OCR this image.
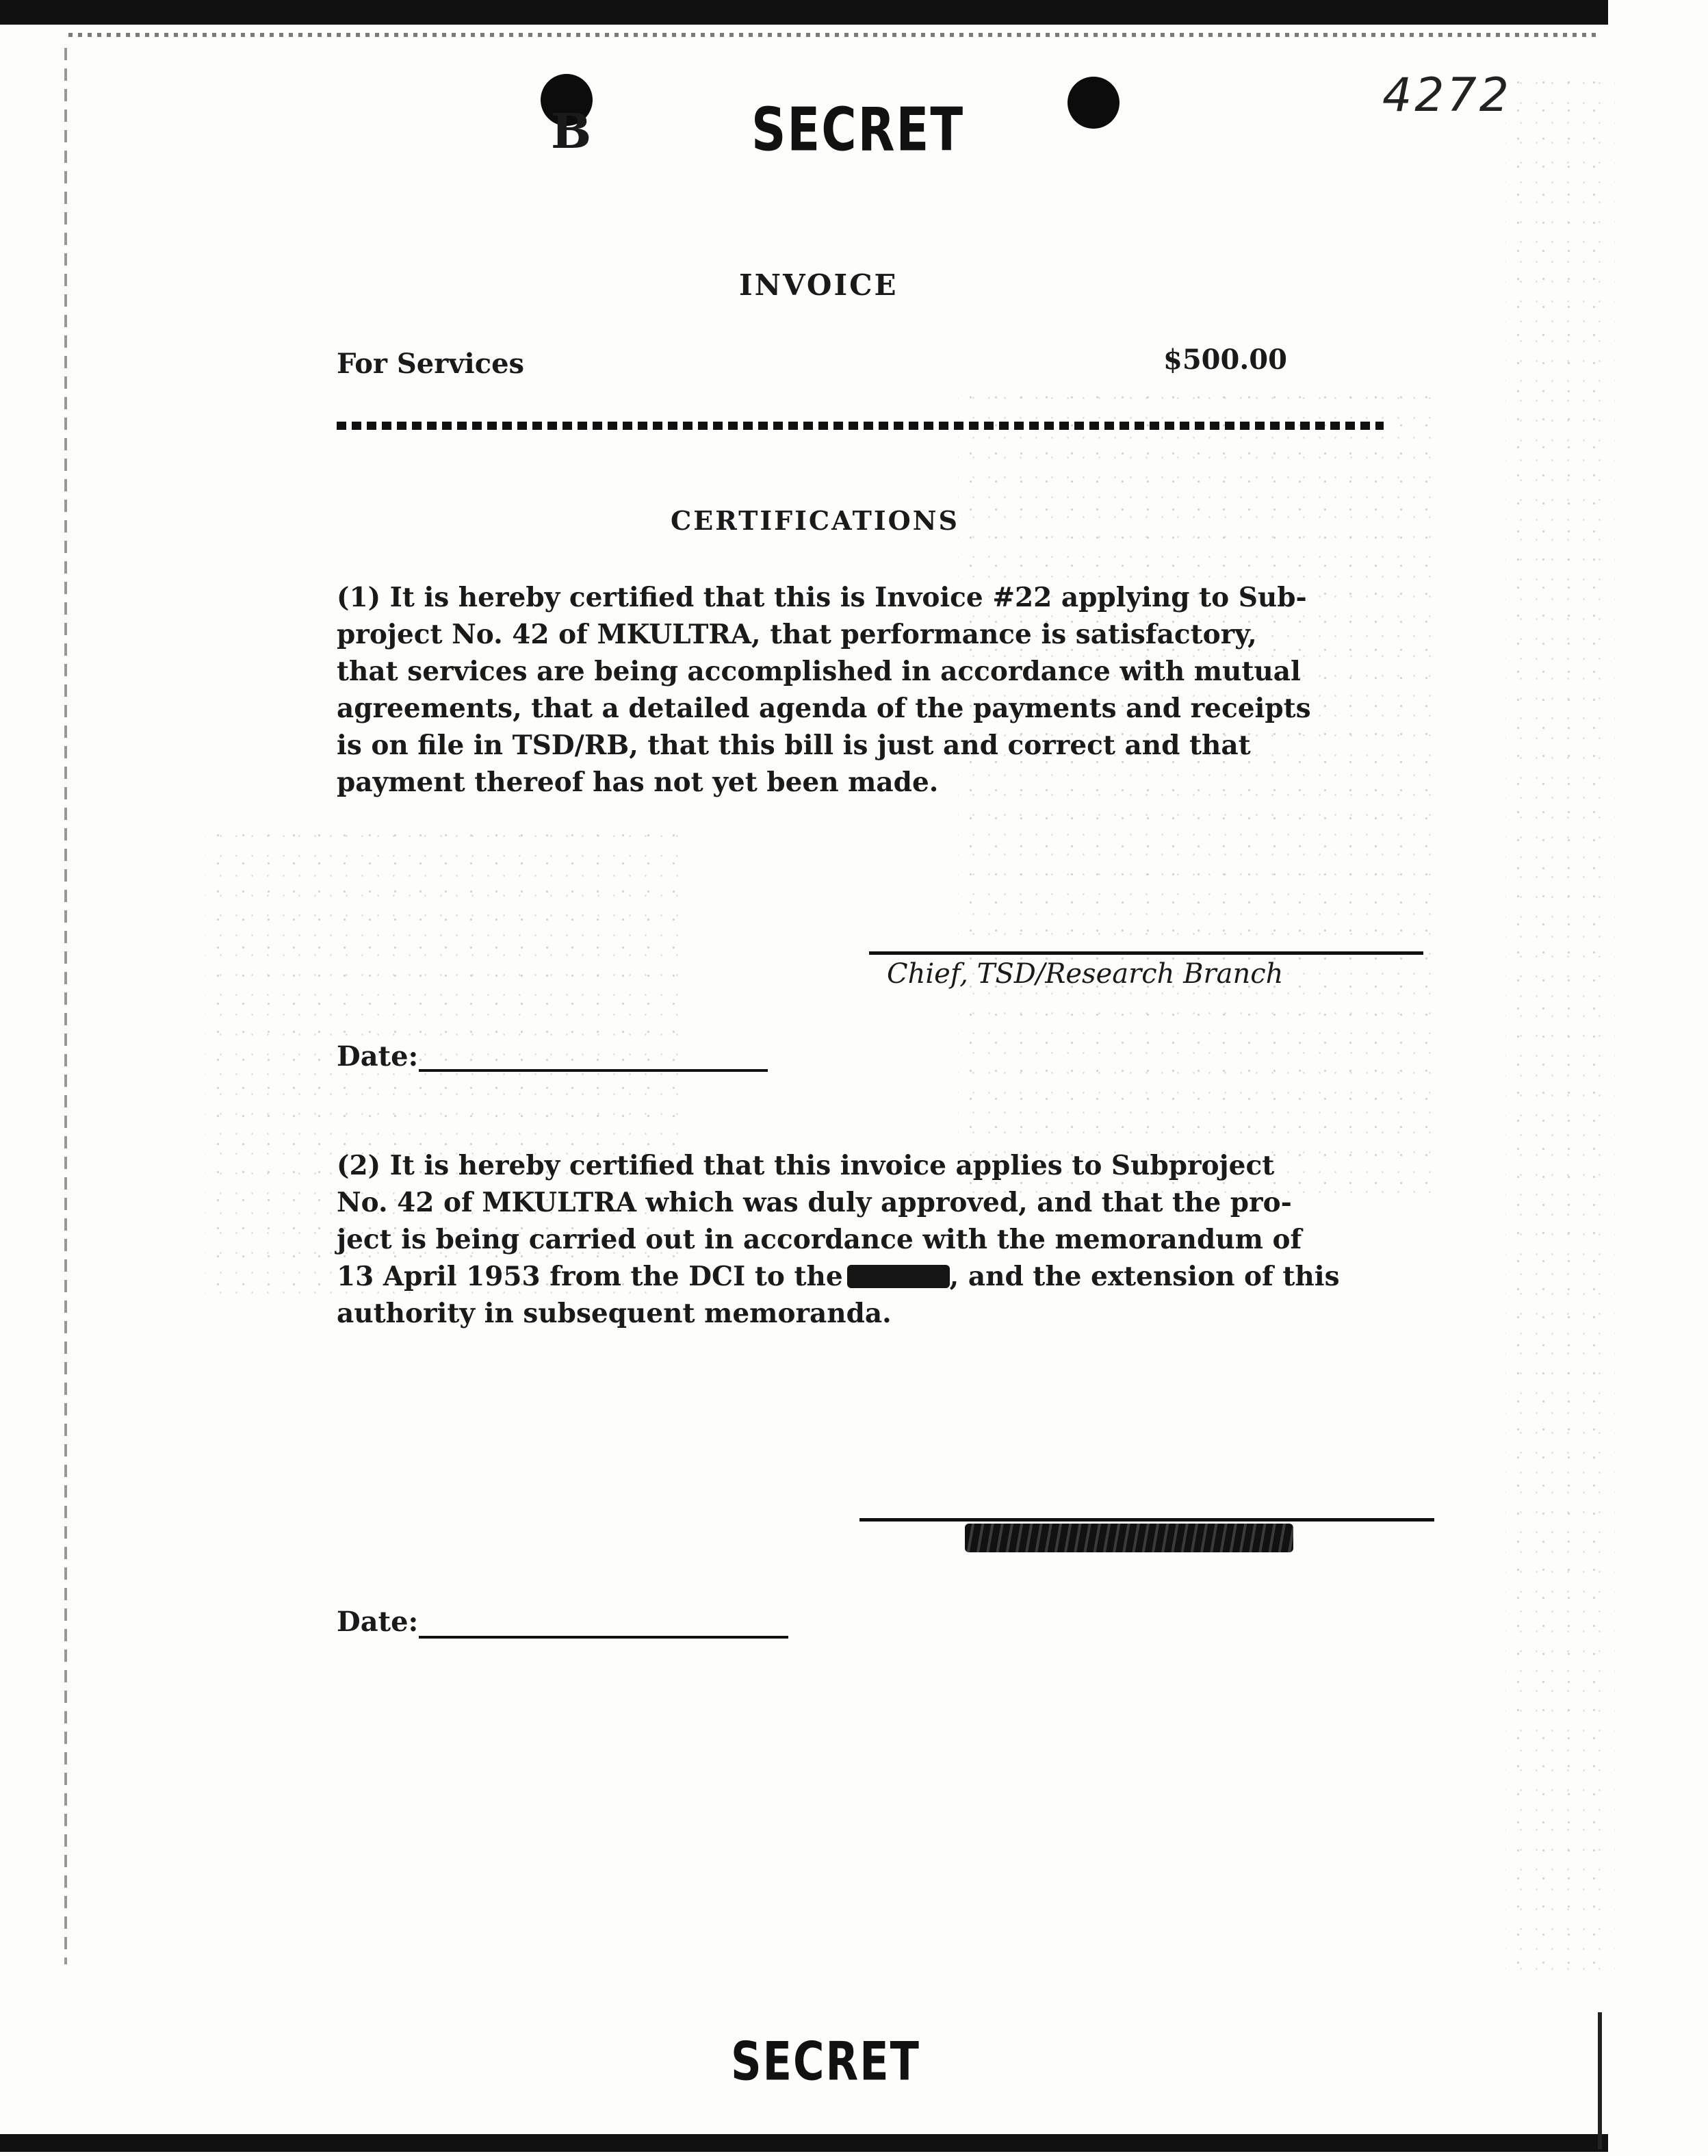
B	SECRET	4272
INVOICE
For Services	$500.00
CERTIFICATIONS
(1) It is hereby certified that this is Invoice #22 applying to Sub-
project No. 42 of MKULTRA, that performance is satisfactory,
that services are being accomplished in accordance with mutual
agreements, that a detailed agenda of the payments and receipts
is on file in TSD/RB, that this bill is just and correct and that
payment thereof has not yet been made.
Chief, TSD/Research Branch
Date:
(2) It is hereby certified that this invoice applies to Subproject
No. 42 of MKULTRA which was duly approved, and that the pro-
ject is being carried out in accordance with the memorandum of
13 April 1953 from the DCI to the	, and the extension of this
authority in subsequent memoranda.
Date:
SECRET
